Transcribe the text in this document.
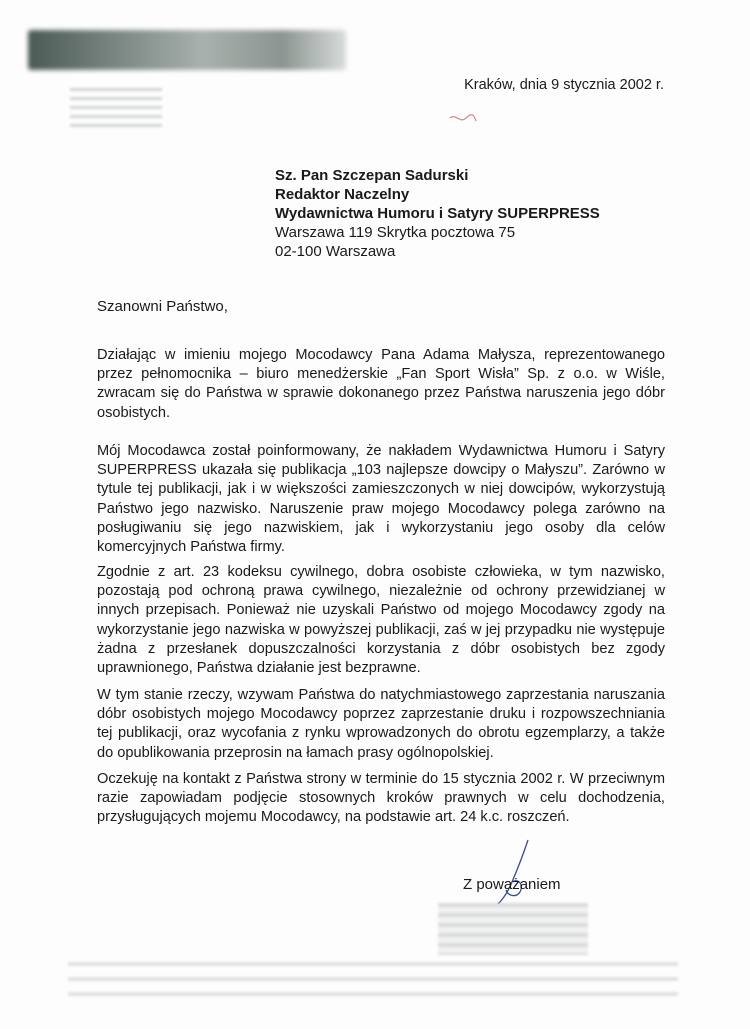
Kraków, dnia 9 stycznia 2002 r.
Sz. Pan Szczepan Sadurski
Redaktor Naczelny
Wydawnictwa Humoru i Satyry SUPERPRESS
Warszawa 119 Skrytka pocztowa 75
02-100 Warszawa
Szanowni Państwo,

Działając w imieniu mojego Mocodawcy Pana Adama Małysza, reprezentowanego przez pełnomocnika – biuro menedżerskie „Fan Sport Wisła” Sp. z o.o. w Wiśle, zwracam się do Państwa w sprawie dokonanego przez Państwa naruszenia jego dóbr osobistych.

Mój Mocodawca został poinformowany, że nakładem Wydawnictwa Humoru i Satyry SUPERPRESS ukazała się publikacja „103 najlepsze dowcipy o Małyszu”. Zarówno w tytule tej publikacji, jak i w większości zamieszczonych w niej dowcipów, wykorzystują Państwo jego nazwisko. Naruszenie praw mojego Mocodawcy polega zarówno na posługiwaniu się jego nazwiskiem, jak i wykorzystaniu jego osoby dla celów komercyjnych Państwa firmy.

Zgodnie z art. 23 kodeksu cywilnego, dobra osobiste człowieka, w tym nazwisko, pozostają pod ochroną prawa cywilnego, niezależnie od ochrony przewidzianej w innych przepisach. Ponieważ nie uzyskali Państwo od mojego Mocodawcy zgody na wykorzystanie jego nazwiska w powyższej publikacji, zaś w jej przypadku nie występuje żadna z przesłanek dopuszczalności korzystania z dóbr osobistych bez zgody uprawnionego, Państwa działanie jest bezprawne.

W tym stanie rzeczy, wzywam Państwa do natychmiastowego zaprzestania naruszania dóbr osobistych mojego Mocodawcy poprzez zaprzestanie druku i rozpowszechniania tej publikacji, oraz wycofania z rynku wprowadzonych do obrotu egzemplarzy, a także do opublikowania przeprosin na łamach prasy ogólnopolskiej.

Oczekuję na kontakt z Państwa strony w terminie do 15 stycznia 2002 r. W przeciwnym razie zapowiadam podjęcie stosownych kroków prawnych w celu dochodzenia, przysługujących mojemu Mocodawcy, na podstawie art. 24 k.c. roszczeń.

Z poważaniem
